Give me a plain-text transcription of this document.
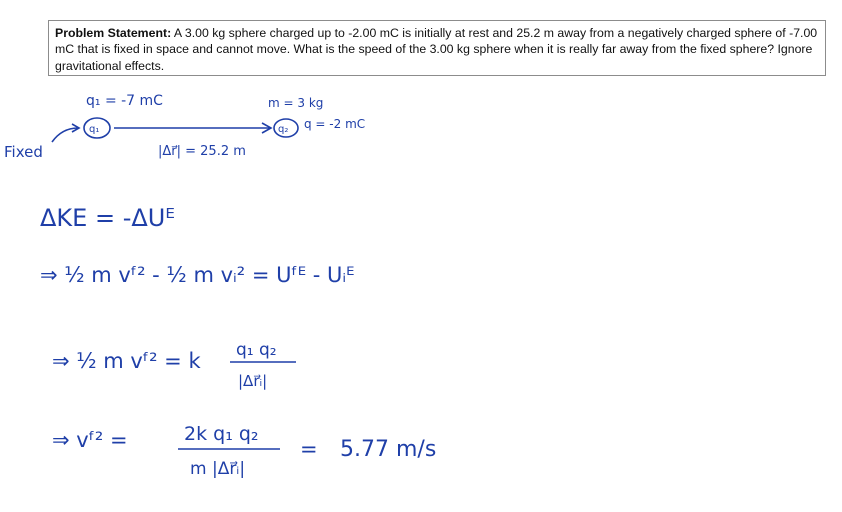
Problem Statement: A 3.00 kg sphere charged up to -2.00 mC is initially at rest and 25.2 m away from a negatively charged sphere of -7.00 mC that is fixed in space and cannot move. What is the speed of the 3.00 kg sphere when it is really far away from the fixed sphere? Ignore gravitational effects.
Fixed
q₁ = -7 mC
q₁
|Δr⃗| = 25.2 m
q₂
m = 3 kg
q = -2 mC
ΔKE = -ΔUᴱ
⇒ ½ m vᶠ² - ½ m vᵢ² = Uᶠᴱ - Uᵢᴱ
⇒ ½ m vᶠ² = k q₁ q₂
|Δr⃗ᵢ|
⇒ vᶠ² =	2k q₁ q₂
m |Δr⃗ᵢ|
= 5.77 m/s
